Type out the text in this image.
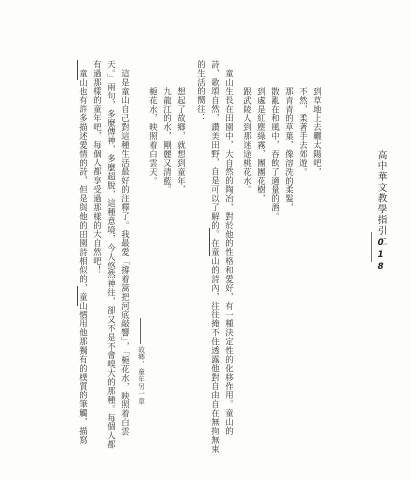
高中華文教學指引二
018
到草地上去曬太陽吧，
不然，柔著手去郊遊。
那青青的草葉，像溶洗的柔髮，
散亂在和風中，吞飲了適量的酒。
到處是紅塵綠霧，團團花樹，
跟武陵人到那迷途桃花水。
童山生長在田園中，大自然的陶冶，對於他的性格和愛好，有一種決定性的化移作用。童山的
詩，歌頌自然，讚美田野，自是可以了解的。在童山的詩內，往往掩不住透露他對自由自在無拘無束
的生活的嚮往：
想起了故鄉，就想到童年，
九龍江的水，剛麗又清藍。
梔花水，映照着白雲天。
故鄉，童年另一章
這是童山自己對這種生活最好的注釋了。我最愛「撐着篙把河底敲響」，「梔花水，映照着白雲
天。」兩句，多麼傳神，多麼超脫，這種意境，今人悠然神往，卻又不是不會嗅大的那種。每個人都
有過那樣的童年吧，每個人都享受過那樣的大自然吧！
童山也有許多描述愛情的詩，但是與他的田園詩相似的，童山慣用他那獨有的樸質的筆觸，描寫
